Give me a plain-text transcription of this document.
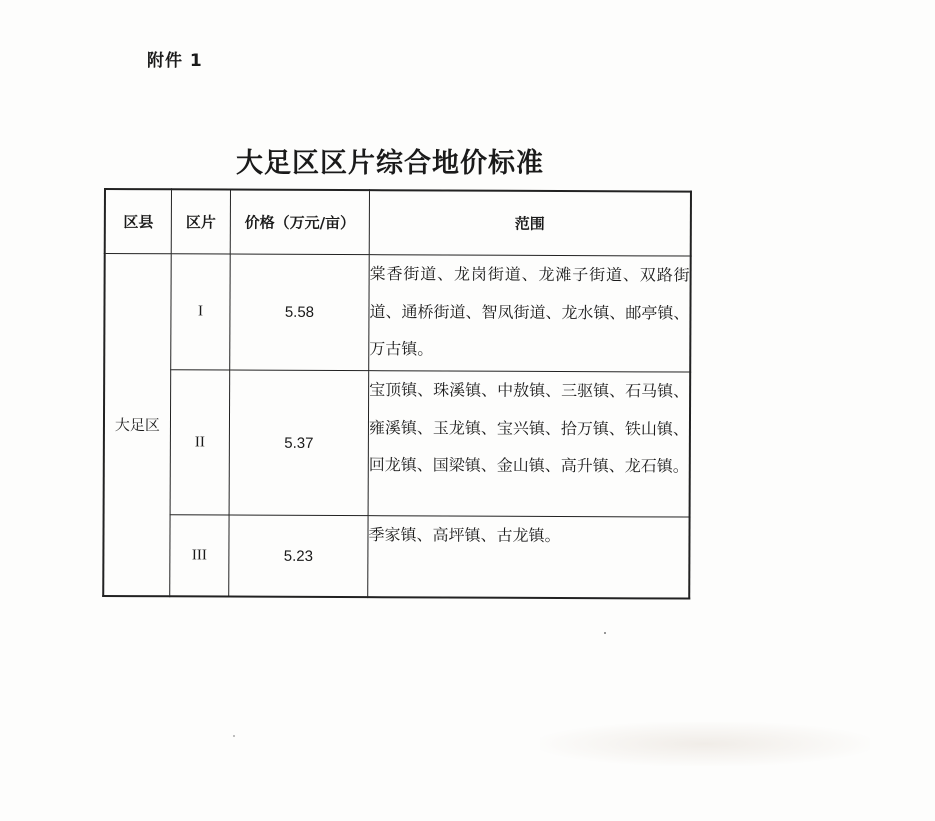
附件 1
大足区区片综合地价标准
区县	区片	价格（万元/亩）	范围
大足区	I	5.58	棠香街道、龙岗街道、龙滩子街道、双路街道、通桥街道、智凤街道、龙水镇、邮亭镇、万古镇。
	II	5.37	宝顶镇、珠溪镇、中敖镇、三驱镇、石马镇、雍溪镇、玉龙镇、宝兴镇、拾万镇、铁山镇、回龙镇、国梁镇、金山镇、高升镇、龙石镇。
	III	5.23	季家镇、高坪镇、古龙镇。
